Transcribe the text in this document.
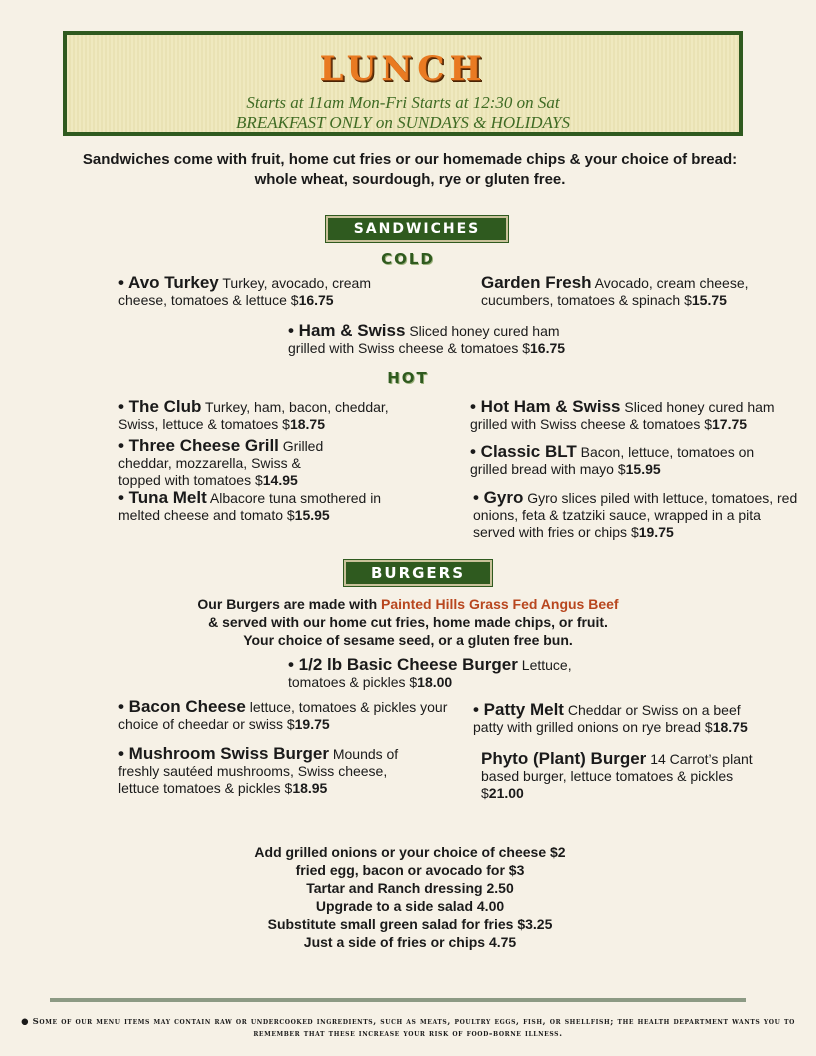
LUNCH
Starts at 11am Mon-Fri Starts at 12:30 on Sat
BREAKFAST ONLY on SUNDAYS & HOLIDAYS
Sandwiches come with fruit, home cut fries or our homemade chips & your choice of bread:
whole wheat, sourdough, rye or gluten free.
SANDWICHES
COLD
• Avo Turkey Turkey, avocado, cream cheese, tomatoes & lettuce $16.75
Garden Fresh Avocado, cream cheese, cucumbers, tomatoes & spinach $15.75
• Ham & Swiss Sliced honey cured ham grilled with Swiss cheese & tomatoes $16.75
HOT
• The Club Turkey, ham, bacon, cheddar, Swiss, lettuce & tomatoes $18.75
• Hot Ham & Swiss Sliced honey cured ham grilled with Swiss cheese & tomatoes $17.75
• Three Cheese Grill Grilled cheddar, mozzarella, Swiss & topped with tomatoes $14.95
• Classic BLT Bacon, lettuce, tomatoes on grilled bread with mayo $15.95
• Tuna Melt Albacore tuna smothered in melted cheese and tomato $15.95
• Gyro Gyro slices piled with lettuce, tomatoes, red onions, feta & tzatziki sauce, wrapped in a pita served with fries or chips $19.75
BURGERS
Our Burgers are made with Painted Hills Grass Fed Angus Beef
& served with our home cut fries, home made chips, or fruit.
Your choice of sesame seed, or a gluten free bun.
• 1/2 lb Basic Cheese Burger Lettuce, tomatoes & pickles $18.00
• Bacon Cheese lettuce, tomatoes & pickles your choice of cheedar or swiss $19.75
• Patty Melt Cheddar or Swiss on a beef patty with grilled onions on rye bread $18.75
• Mushroom Swiss Burger Mounds of freshly sautéed mushrooms, Swiss cheese, lettuce tomatoes & pickles $18.95
Phyto (Plant) Burger 14 Carrot’s plant based burger, lettuce tomatoes & pickles $21.00
Add grilled onions or your choice of cheese $2
fried egg, bacon or avocado for $3
Tartar and Ranch dressing 2.50
Upgrade to a side salad 4.00
Substitute small green salad for fries $3.25
Just a side of fries or chips 4.75
● Some of our menu items may contain raw or undercooked ingredients, such as meats, poultry eggs, fish, or shellfish; the health department wants you to remember that these increase your risk of food-borne illness.
